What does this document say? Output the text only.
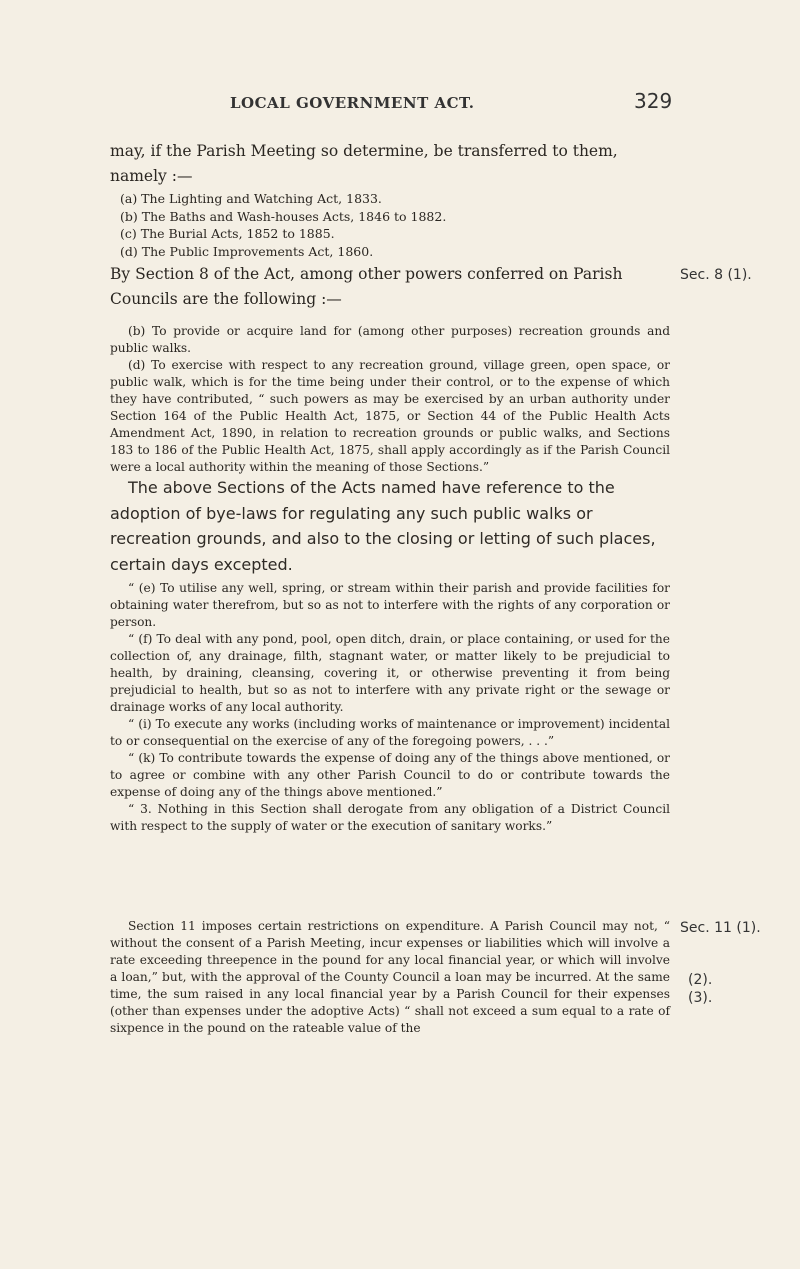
LOCAL GOVERNMENT ACT.	329

may, if the Parish Meeting so determine, be transferred to them, namely :—

(a) The Lighting and Watching Act, 1833.
(b) The Baths and Wash-houses Acts, 1846 to 1882.
(c) The Burial Acts, 1852 to 1885.
(d) The Public Improvements Act, 1860.

By Section 8 of the Act, among other powers conferred on Parish Councils are the following :—

(b) To provide or acquire land for (among other purposes) recreation grounds and public walks.

(d) To exercise with respect to any recreation ground, village green, open space, or public walk, which is for the time being under their control, or to the expense of which they have contributed, “ such powers as may be exercised by an urban authority under Section 164 of the Public Health Act, 1875, or Section 44 of the Public Health Acts Amendment Act, 1890, in relation to recreation grounds or public walks, and Sections 183 to 186 of the Public Health Act, 1875, shall apply accordingly as if the Parish Council were a local authority within the meaning of those Sections.”

The above Sections of the Acts named have reference to the adoption of bye-laws for regulating any such public walks or recreation grounds, and also to the closing or letting of such places, certain days excepted.

“ (e) To utilise any well, spring, or stream within their parish and provide facilities for obtaining water therefrom, but so as not to interfere with the rights of any corporation or person.

“ (f) To deal with any pond, pool, open ditch, drain, or place containing, or used for the collection of, any drainage, filth, stagnant water, or matter likely to be prejudicial to health, by draining, cleansing, covering it, or otherwise preventing it from being prejudicial to health, but so as not to interfere with any private right or the sewage or drainage works of any local authority.

“ (i) To execute any works (including works of maintenance or improvement) incidental to or consequential on the exercise of any of the foregoing powers, . . .”

“ (k) To contribute towards the expense of doing any of the things above mentioned, or to agree or combine with any other Parish Council to do or contribute towards the expense of doing any of the things above mentioned.”

“ 3. Nothing in this Section shall derogate from any obligation of a District Council with respect to the supply of water or the execution of sanitary works.”

Section 11 imposes certain restrictions on expenditure. A Parish Council may not, “ without the consent of a Parish Meeting, incur expenses or liabilities which will involve a rate exceeding threepence in the pound for any local financial year, or which will involve a loan,” but, with the approval of the County Council a loan may be incurred. At the same time, the sum raised in any local financial year by a Parish Council for their expenses (other than expenses under the adoptive Acts) “ shall not exceed a sum equal to a rate of sixpence in the pound on the rateable value of the

Sec. 8 (1).
Sec. 11 (1).
(2).
(3).
